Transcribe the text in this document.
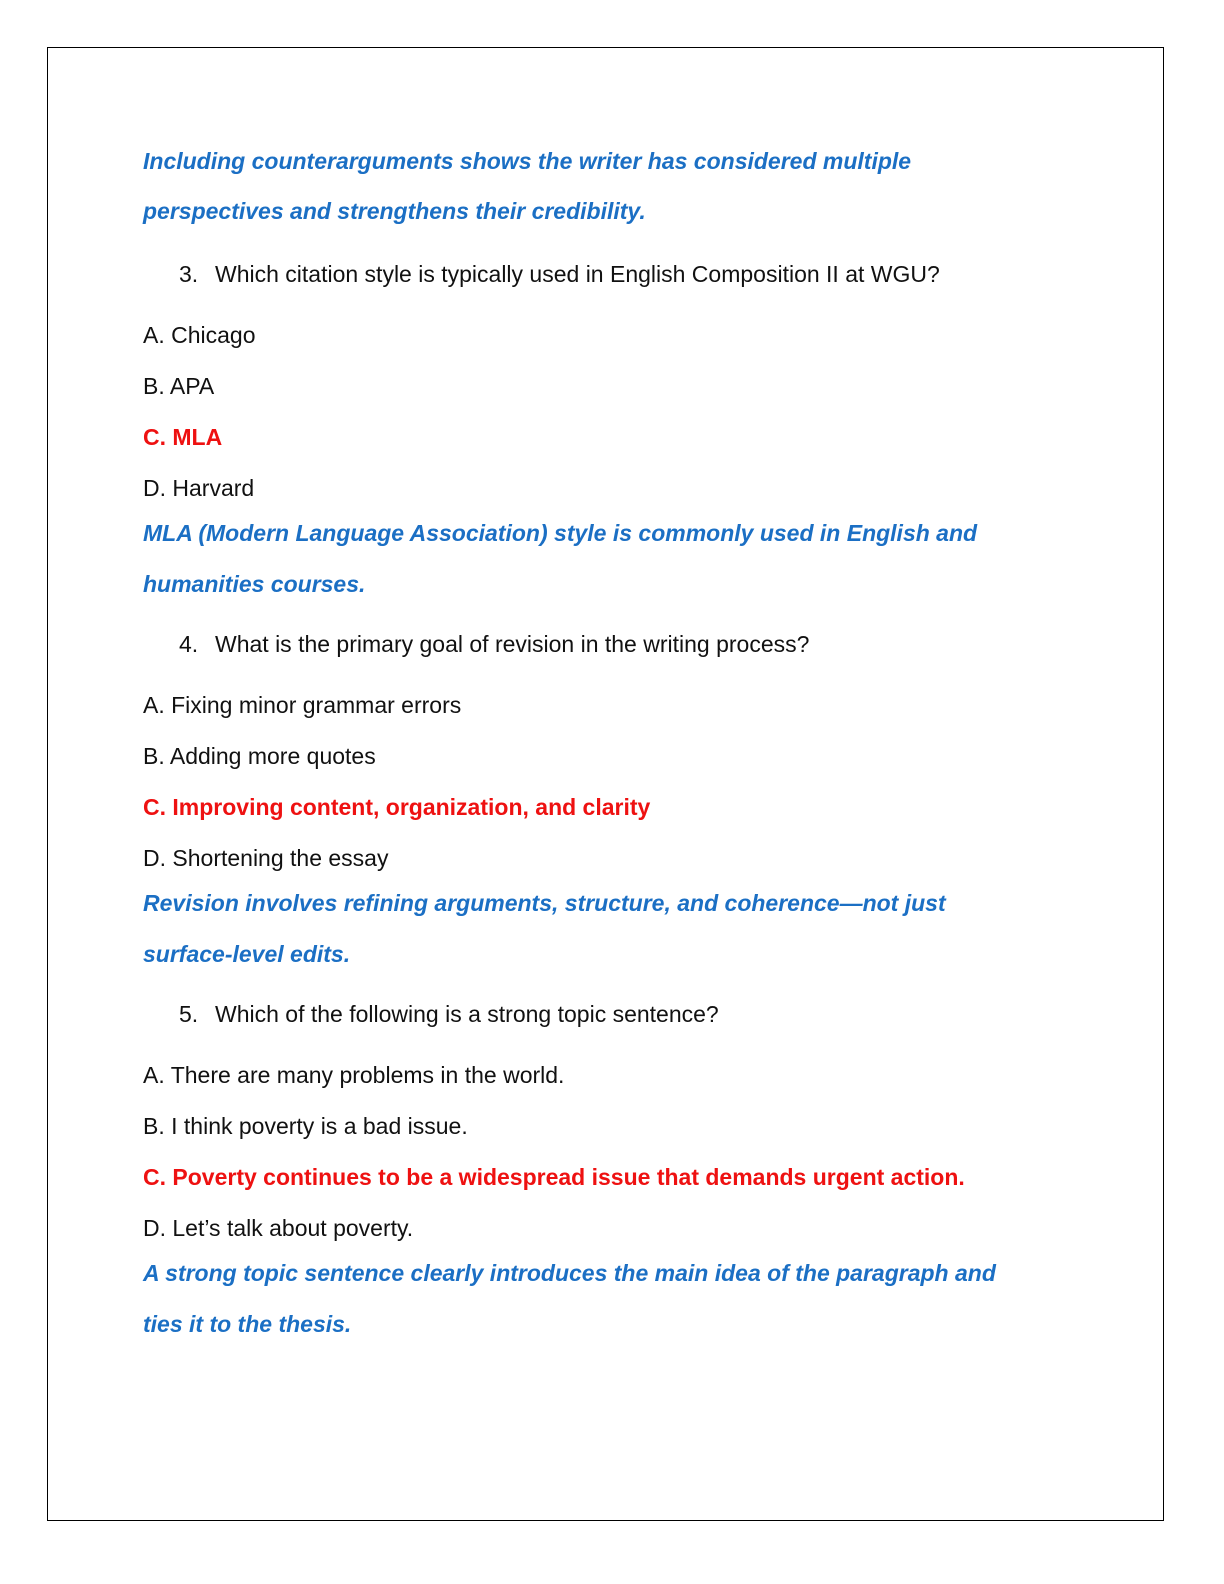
Including counterarguments shows the writer has considered multiple

perspectives and strengthens their credibility.

3. Which citation style is typically used in English Composition II at WGU?

A. Chicago

B. APA

C. MLA

D. Harvard

MLA (Modern Language Association) style is commonly used in English and

humanities courses.

4. What is the primary goal of revision in the writing process?

A. Fixing minor grammar errors

B. Adding more quotes

C. Improving content, organization, and clarity

D. Shortening the essay

Revision involves refining arguments, structure, and coherence—not just

surface-level edits.

5. Which of the following is a strong topic sentence?

A. There are many problems in the world.

B. I think poverty is a bad issue.

C. Poverty continues to be a widespread issue that demands urgent action.

D. Let’s talk about poverty.

A strong topic sentence clearly introduces the main idea of the paragraph and

ties it to the thesis.
